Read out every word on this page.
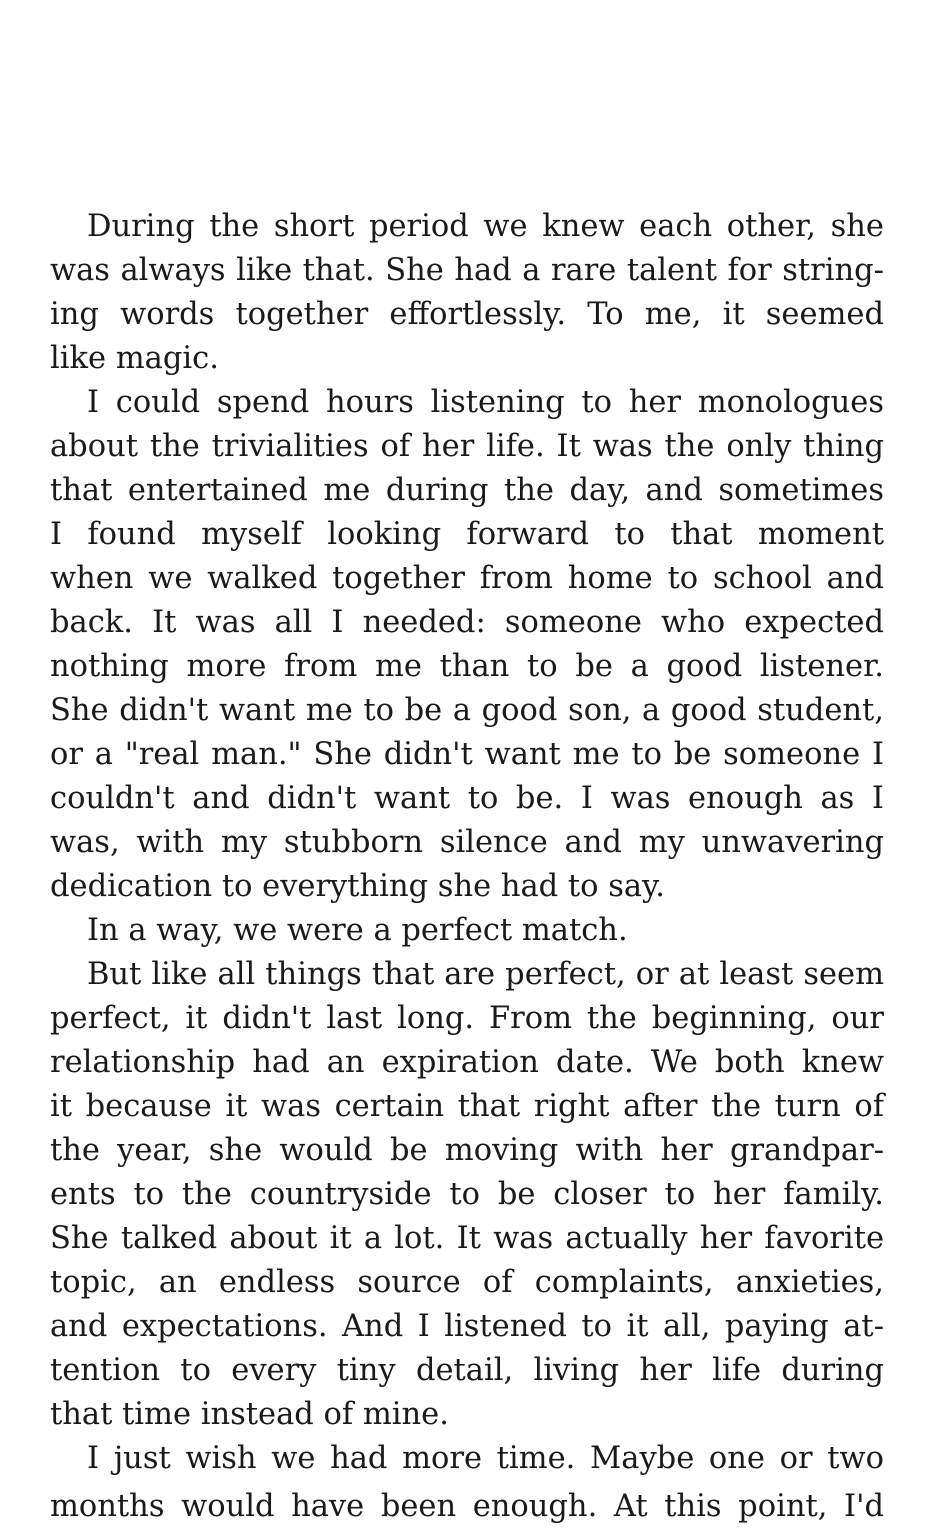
During the short period we knew each other, she
was always like that. She had a rare talent for string-
ing words together effortlessly. To me, it seemed
like magic.
I could spend hours listening to her monologues
about the trivialities of her life. It was the only thing
that entertained me during the day, and sometimes
I found myself looking forward to that moment
when we walked together from home to school and
back. It was all I needed: someone who expected
nothing more from me than to be a good listener.
She didn't want me to be a good son, a good student,
or a "real man." She didn't want me to be someone I
couldn't and didn't want to be. I was enough as I
was, with my stubborn silence and my unwavering
dedication to everything she had to say.
In a way, we were a perfect match.
But like all things that are perfect, or at least seem
perfect, it didn't last long. From the beginning, our
relationship had an expiration date. We both knew
it because it was certain that right after the turn of
the year, she would be moving with her grandpar-
ents to the countryside to be closer to her family.
She talked about it a lot. It was actually her favorite
topic, an endless source of complaints, anxieties,
and expectations. And I listened to it all, paying at-
tention to every tiny detail, living her life during
that time instead of mine.
I just wish we had more time. Maybe one or two
months would have been enough. At this point, I'd
